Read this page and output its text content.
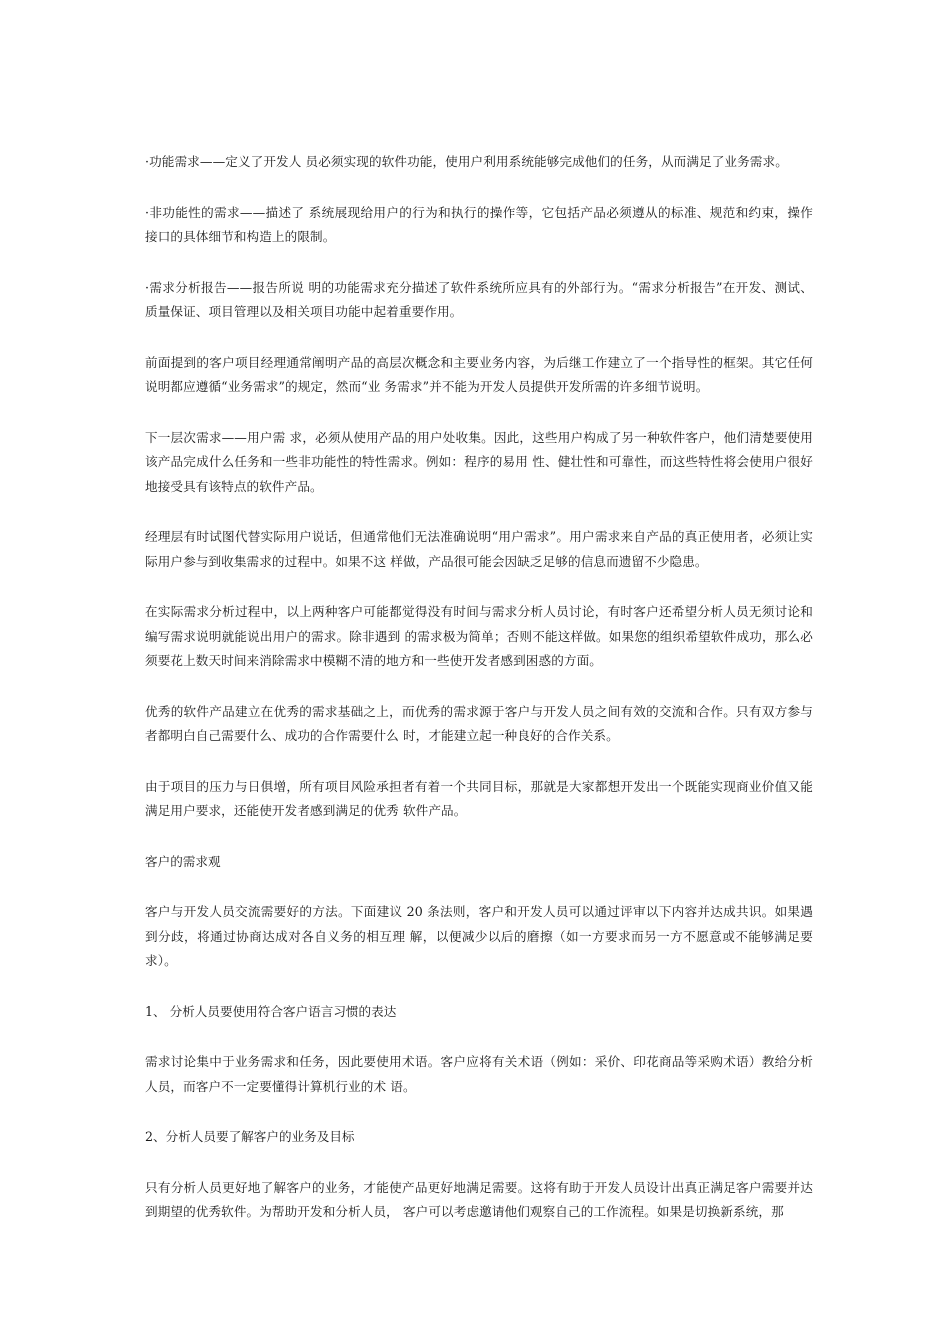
·功能需求——定义了开发人 员必须实现的软件功能，使用户利用系统能够完成他们的任务，从而满足了业务需求。

·非功能性的需求——描述了 系统展现给用户的行为和执行的操作等，它包括产品必须遵从的标准、规范和约束，操作接口的具体细节和构造上的限制。

·需求分析报告——报告所说 明的功能需求充分描述了软件系统所应具有的外部行为。“需求分析报告”在开发、测试、质量保证、项目管理以及相关项目功能中起着重要作用。

前面提到的客户项目经理通常阐明产品的高层次概念和主要业务内容，为后继工作建立了一个指导性的框架。其它任何说明都应遵循“业务需求”的规定，然而“业 务需求”并不能为开发人员提供开发所需的许多细节说明。

下一层次需求——用户需 求，必须从使用产品的用户处收集。因此，这些用户构成了另一种软件客户，他们清楚要使用该产品完成什么任务和一些非功能性的特性需求。例如：程序的易用 性、健壮性和可靠性，而这些特性将会使用户很好地接受具有该特点的软件产品。

经理层有时试图代替实际用户说话，但通常他们无法准确说明“用户需求”。用户需求来自产品的真正使用者，必须让实际用户参与到收集需求的过程中。如果不这 样做，产品很可能会因缺乏足够的信息而遗留不少隐患。

在实际需求分析过程中，以上两种客户可能都觉得没有时间与需求分析人员讨论，有时客户还希望分析人员无须讨论和编写需求说明就能说出用户的需求。除非遇到 的需求极为简单；否则不能这样做。如果您的组织希望软件成功，那么必须要花上数天时间来消除需求中模糊不清的地方和一些使开发者感到困惑的方面。

优秀的软件产品建立在优秀的需求基础之上，而优秀的需求源于客户与开发人员之间有效的交流和合作。只有双方参与者都明白自己需要什么、成功的合作需要什么 时，才能建立起一种良好的合作关系。

由于项目的压力与日俱增，所有项目风险承担者有着一个共同目标，那就是大家都想开发出一个既能实现商业价值又能满足用户要求，还能使开发者感到满足的优秀 软件产品。

客户的需求观

客户与开发人员交流需要好的方法。下面建议 20 条法则，客户和开发人员可以通过评审以下内容并达成共识。如果遇到分歧，将通过协商达成对各自义务的相互理 解，以便减少以后的磨擦（如一方要求而另一方不愿意或不能够满足要求）。

1、 分析人员要使用符合客户语言习惯的表达

需求讨论集中于业务需求和任务，因此要使用术语。客户应将有关术语（例如：采价、印花商品等采购术语）教给分析人员，而客户不一定要懂得计算机行业的术 语。

2、分析人员要了解客户的业务及目标

只有分析人员更好地了解客户的业务，才能使产品更好地满足需要。这将有助于开发人员设计出真正满足客户需要并达到期望的优秀软件。为帮助开发和分析人员， 客户可以考虑邀请他们观察自己的工作流程。如果是切换新系统，那
